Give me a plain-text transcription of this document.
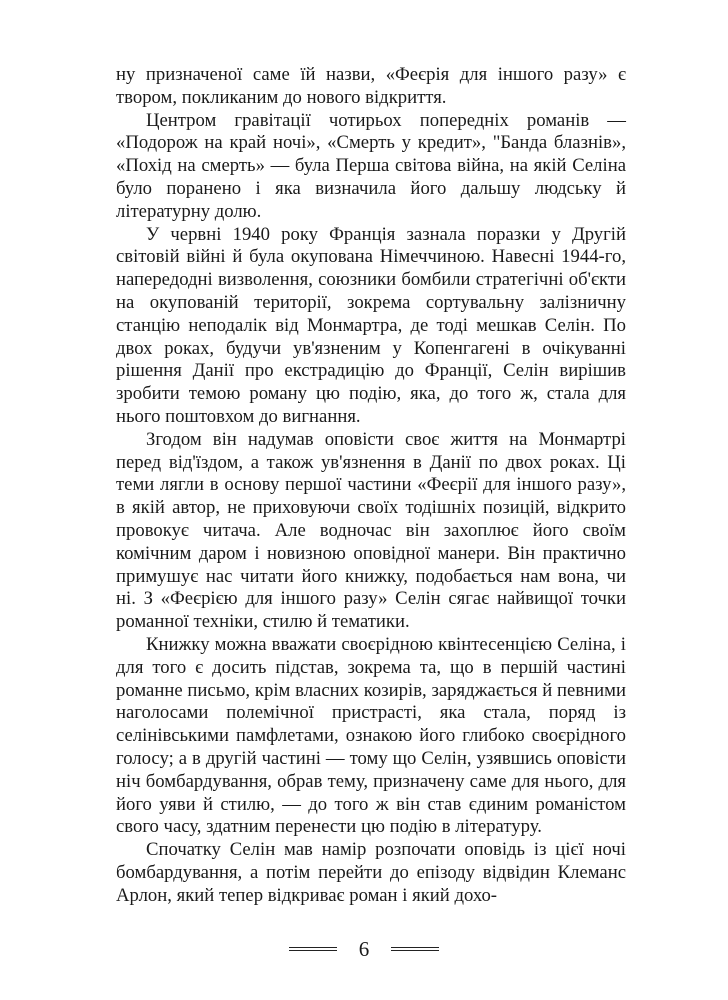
ну призначеної саме їй назви, «Феєрія для іншого разу» є твором, покликаним до нового відкриття.

Центром гравітації чотирьох попередніх романів — «Подорож на край ночі», «Смерть у кредит», "Банда блазнів», «Похід на смерть» — була Перша світова війна, на якій Селіна було поранено і яка визначила його дальшу людську й літературну долю.

У червні 1940 року Франція зазнала поразки у Другій світовій війні й була окупована Німеччиною. Навесні 1944-го, напередодні визволення, союзники бомбили стратегічні об'єкти на окупованій території, зокрема сортувальну залізничну станцію неподалік від Монмартра, де тоді мешкав Селін. По двох роках, будучи ув'язненим у Копенгагені в очікуванні рішення Данії про екстрадицію до Франції, Селін вирішив зробити темою роману цю подію, яка, до того ж, стала для нього поштовхом до вигнання.

Згодом він надумав оповісти своє життя на Монмартрі перед від'їздом, а також ув'язнення в Данії по двох роках. Ці теми лягли в основу першої частини «Феєрії для іншого разу», в якій автор, не приховуючи своїх тодішніх позицій, відкрито провокує читача. Але водночас він захоплює його своїм комічним даром і новизною оповідної манери. Він практично примушує нас читати його книжку, подобається нам вона, чи ні. З «Феєрією для іншого разу» Селін сягає найвищої точки романної техніки, стилю й тематики.

Книжку можна вважати своєрідною квінтесенцією Селіна, і для того є досить підстав, зокрема та, що в першій частині романне письмо, крім власних козирів, заряджається й певними наголосами полемічної пристрасті, яка стала, поряд із селінівськими памфлетами, ознакою його глибоко своєрідного голосу; а в другій частині — тому що Селін, узявшись оповісти ніч бомбардування, обрав тему, призначену саме для нього, для його уяви й стилю, — до того ж він став єдиним романістом свого часу, здатним перенести цю подію в літературу.

Спочатку Селін мав намір розпочати оповідь із цієї ночі бомбардування, а потім перейти до епізоду відвідин Клеманс Арлон, який тепер відкриває роман і який дохо-

6
